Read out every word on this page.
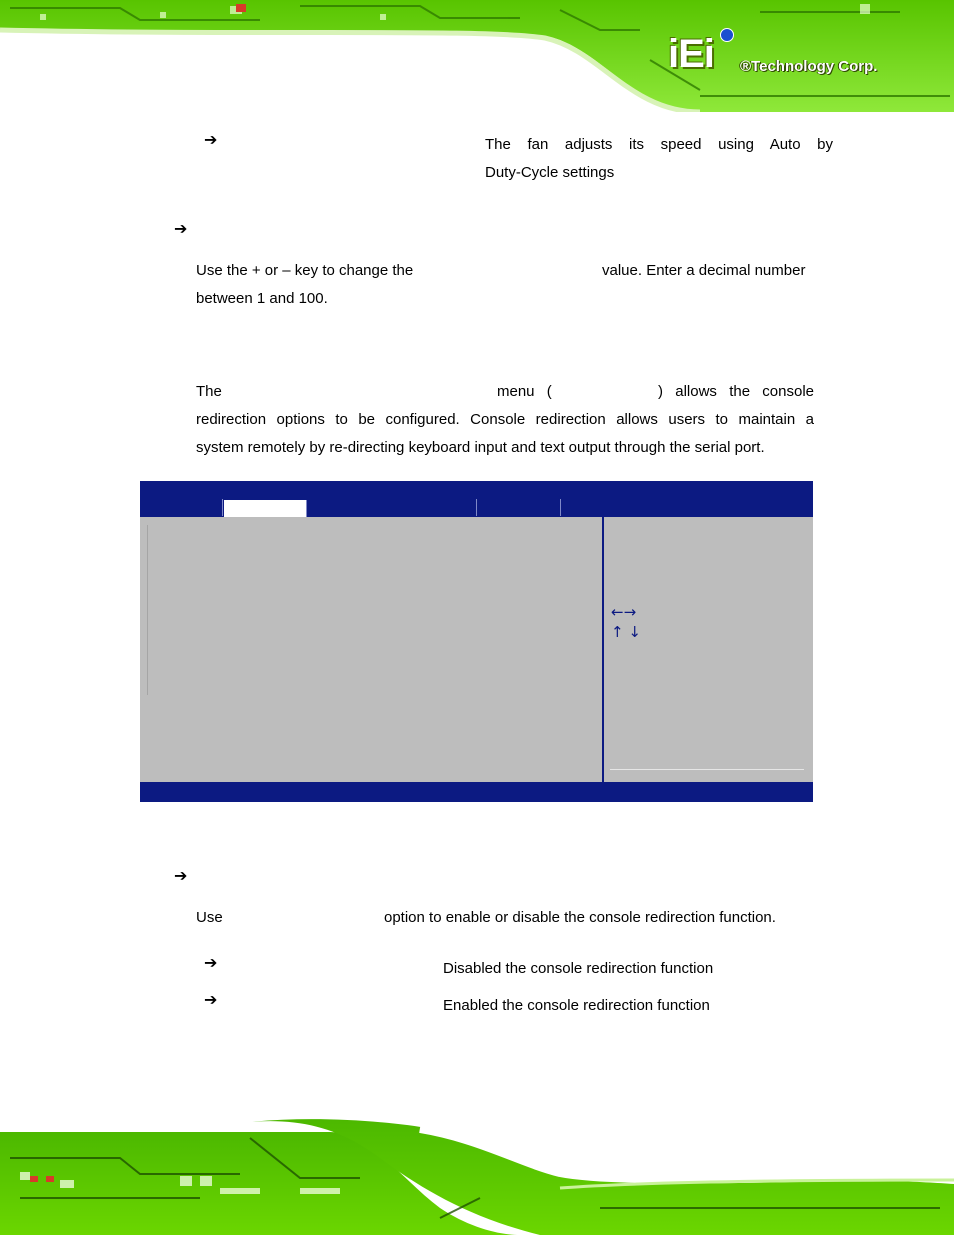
iEi ®Technology Corp.
➔	The fan adjusts its speed using Auto by
Duty-Cycle settings
➔
Use the + or – key to change the	value. Enter a decimal number
between 1 and 100.
The	menu (	) allows the console
redirection options to be configured. Console redirection allows users to maintain a
system remotely by re-directing keyboard input and text output through the serial port.
←→
↑ ↓
➔
Use	option to enable or disable the console redirection function.
➔	Disabled the console redirection function
➔	Enabled the console redirection function
